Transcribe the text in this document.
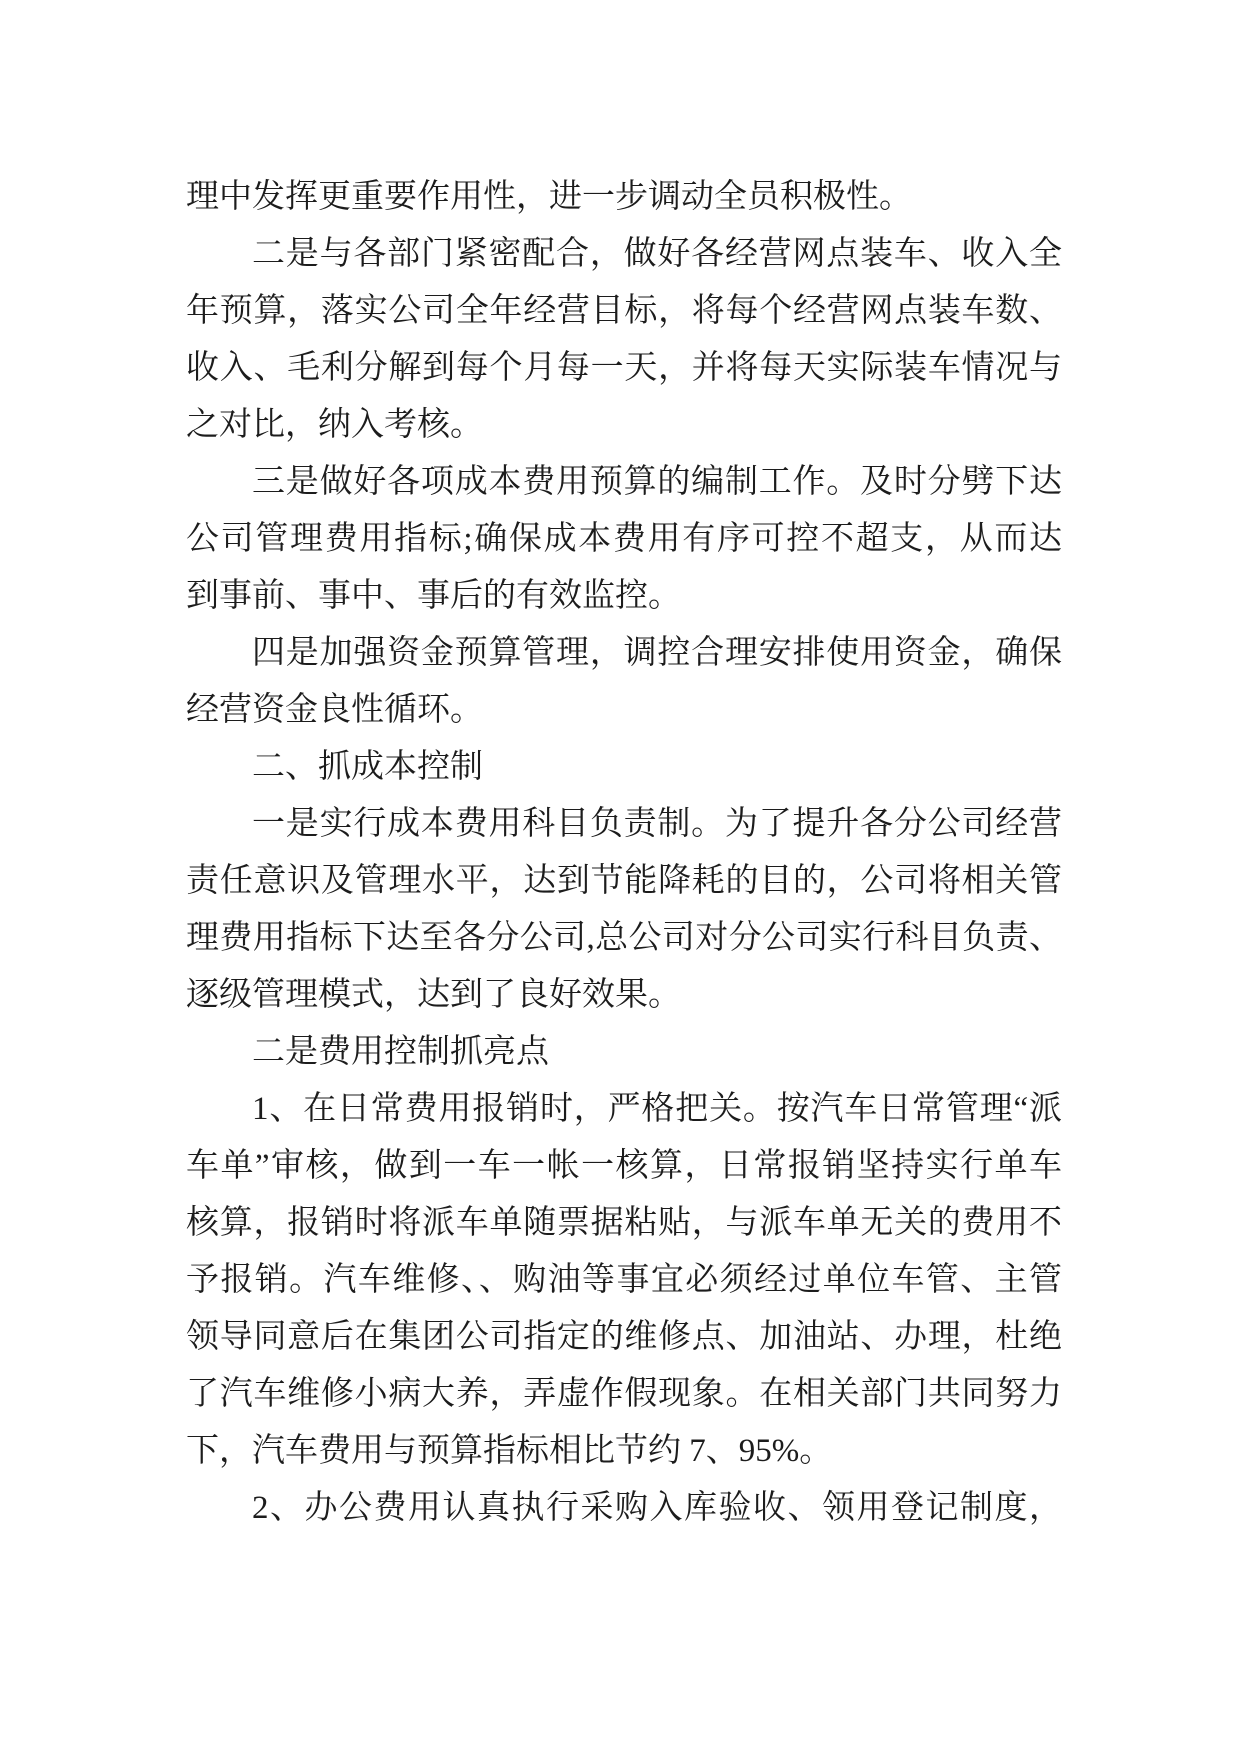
理中发挥更重要作用性，进一步调动全员积极性。
二是与各部门紧密配合，做好各经营网点装车、收入全
年预算，落实公司全年经营目标，将每个经营网点装车数、
收入、毛利分解到每个月每一天，并将每天实际装车情况与
之对比，纳入考核。
三是做好各项成本费用预算的编制工作。及时分劈下达
公司管理费用指标;确保成本费用有序可控不超支，从而达
到事前、事中、事后的有效监控。
四是加强资金预算管理，调控合理安排使用资金，确保
经营资金良性循环。
二、抓成本控制
一是实行成本费用科目负责制。为了提升各分公司经营
责任意识及管理水平，达到节能降耗的目的，公司将相关管
理费用指标下达至各分公司,总公司对分公司实行科目负责、
逐级管理模式，达到了良好效果。
二是费用控制抓亮点
1、在日常费用报销时，严格把关。按汽车日常管理“派
车单”审核，做到一车一帐一核算，日常报销坚持实行单车
核算，报销时将派车单随票据粘贴，与派车单无关的费用不
予报销。汽车维修、、购油等事宜必须经过单位车管、主管
领导同意后在集团公司指定的维修点、加油站、办理，杜绝
了汽车维修小病大养，弄虚作假现象。在相关部门共同努力
下，汽车费用与预算指标相比节约 7、95%。
2、办公费用认真执行采购入库验收、领用登记制度，
